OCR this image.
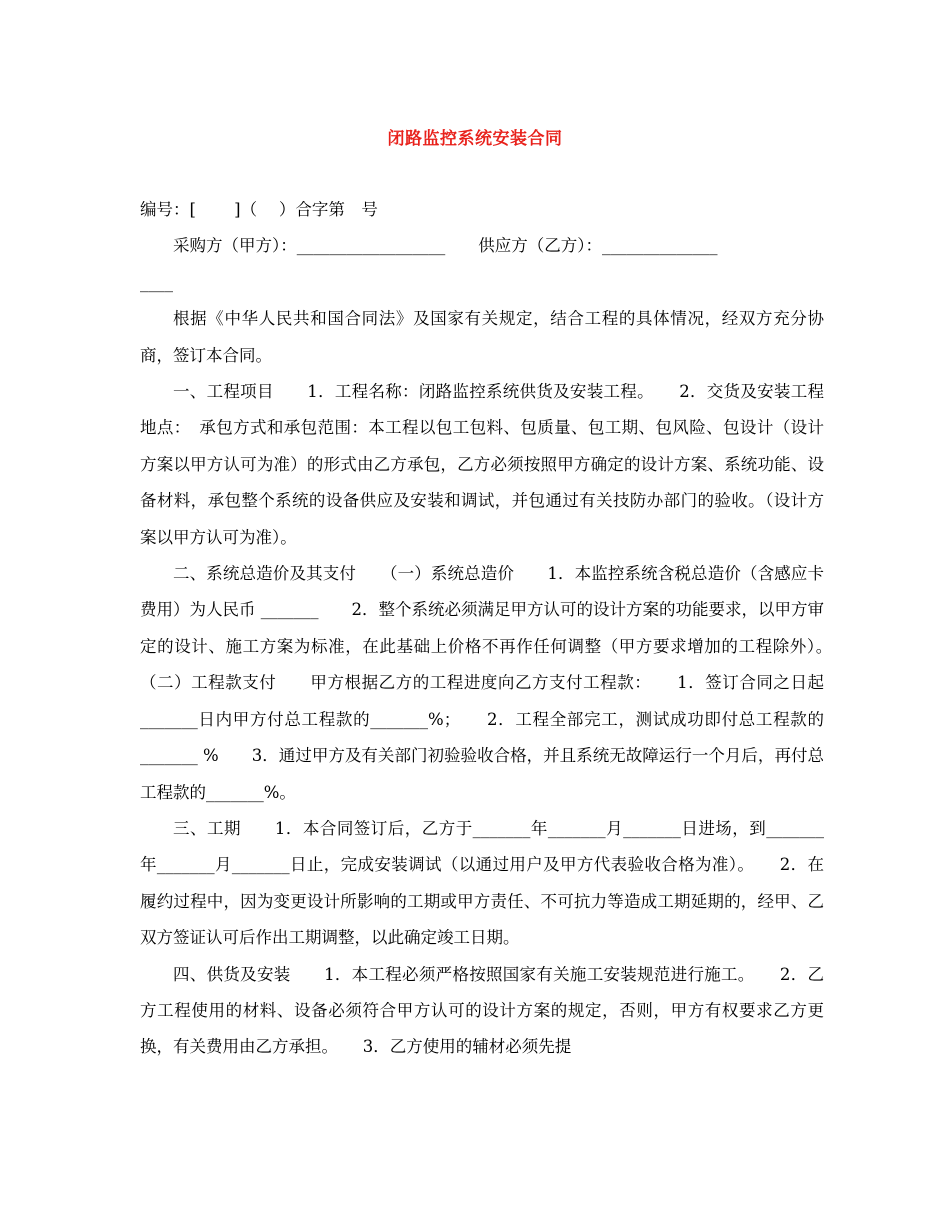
闭路监控系统安装合同
编号：[　　 ]（　 ）合字第　号
　　采购方（甲方）：__________________　　供应方（乙方）：______________
____

根据《中华人民共和国合同法》及国家有关规定，结合工程的具体情况，经双方充分协商，签订本合同。

一、工程项目　　1．工程名称：闭路监控系统供货及安装工程。　　2．交货及安装工程地点：　承包方式和承包范围：本工程以包工包料、包质量、包工期、包风险、包设计（设计方案以甲方认可为准）的形式由乙方承包，乙方必须按照甲方确定的设计方案、系统功能、设备材料，承包整个系统的设备供应及安装和调试，并包通过有关技防办部门的验收。（设计方案以甲方认可为准）。

二、系统总造价及其支付　　（一）系统总造价　　1．本监控系统含税总造价（含感应卡费用）为人民币 _______　　2．整个系统必须满足甲方认可的设计方案的功能要求，以甲方审定的设计、施工方案为标准，在此基础上价格不再作任何调整（甲方要求增加的工程除外）。　　（二）工程款支付　　甲方根据乙方的工程进度向乙方支付工程款：　　1．签订合同之日起_______日内甲方付总工程款的_______%；　　2．工程全部完工，测试成功即付总工程款的_______ %　　3．通过甲方及有关部门初验验收合格，并且系统无故障运行一个月后，再付总工程款的_______%。

三、工期　　1．本合同签订后，乙方于_______年_______月_______日进场，到_______年_______月_______日止，完成安装调试（以通过用户及甲方代表验收合格为准）。　　2．在履约过程中，因为变更设计所影响的工期或甲方责任、不可抗力等造成工期延期的，经甲、乙双方签证认可后作出工期调整，以此确定竣工日期。

四、供货及安装　　1．本工程必须严格按照国家有关施工安装规范进行施工。　　2．乙方工程使用的材料、设备必须符合甲方认可的设计方案的规定，否则，甲方有权要求乙方更换，有关费用由乙方承担。　　3．乙方使用的辅材必须先提
